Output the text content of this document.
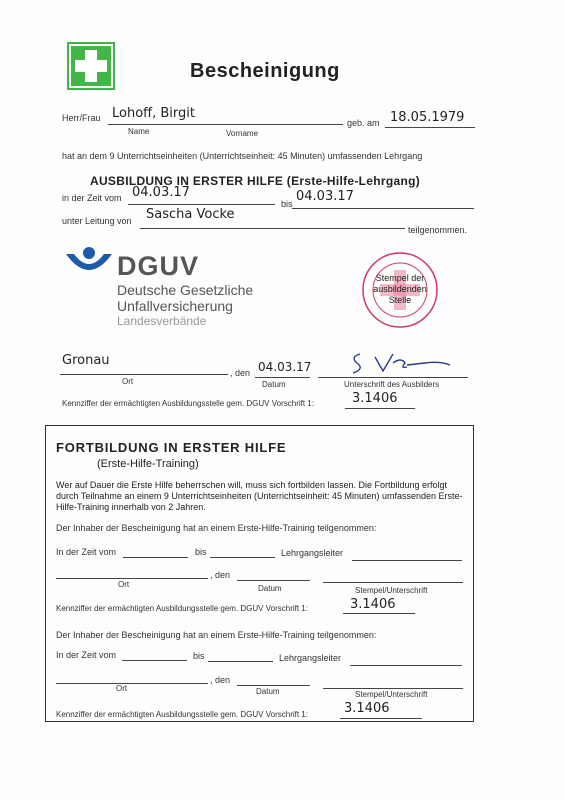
Bescheinigung
Herr/Frau Lohoff, Birgit
Name	Vorname
geb. am 18.05.1979
hat an dem 9 Unterrichtseinheiten (Unterrichtseinheit: 45 Minuten) umfassenden Lehrgang
AUSBILDUNG IN ERSTER HILFE (Erste-Hilfe-Lehrgang)
in der Zeit vom 04.03.17
bis 04.03.17
unter Leitung von Sascha Vocke
teilgenommen.
DGUV
Deutsche Gesetzliche
Unfallversicherung
Landesverbände
Stempel der
ausbildenden
Stelle
Gronau
Ort
, den 04.03.17
Datum	Unterschrift des Ausbilders
Kennziffer der ermächtigten Ausbildungsstelle gem. DGUV Vorschrift 1:	3.1406
FORTBILDUNG IN ERSTER HILFE
(Erste-Hilfe-Training)
Wer auf Dauer die Erste Hilfe beherrschen will, muss sich fortbilden lassen. Die Fortbildung erfolgt durch Teilnahme an einem 9 Unterrichtseinheiten (Unterrichtseinheit: 45 Minuten) umfassenden Erste-Hilfe-Training innerhalb von 2 Jahren.
Der Inhaber der Bescheinigung hat an einem Erste-Hilfe-Training teilgenommen:
In der Zeit vom	bis	Lehrgangsleiter
, den
Ort	Datum	Stempel/Unterschrift
Kennziffer der ermächtigten Ausbildungsstelle gem. DGUV Vorschrift 1:	3.1406
Der Inhaber der Bescheinigung hat an einem Erste-Hilfe-Training teilgenommen:
In der Zeit vom	bis	Lehrgangsleiter
, den
Ort	Datum	Stempel/Unterschrift
Kennziffer der ermächtigten Ausbildungsstelle gem. DGUV Vorschrift 1:	3.1406
